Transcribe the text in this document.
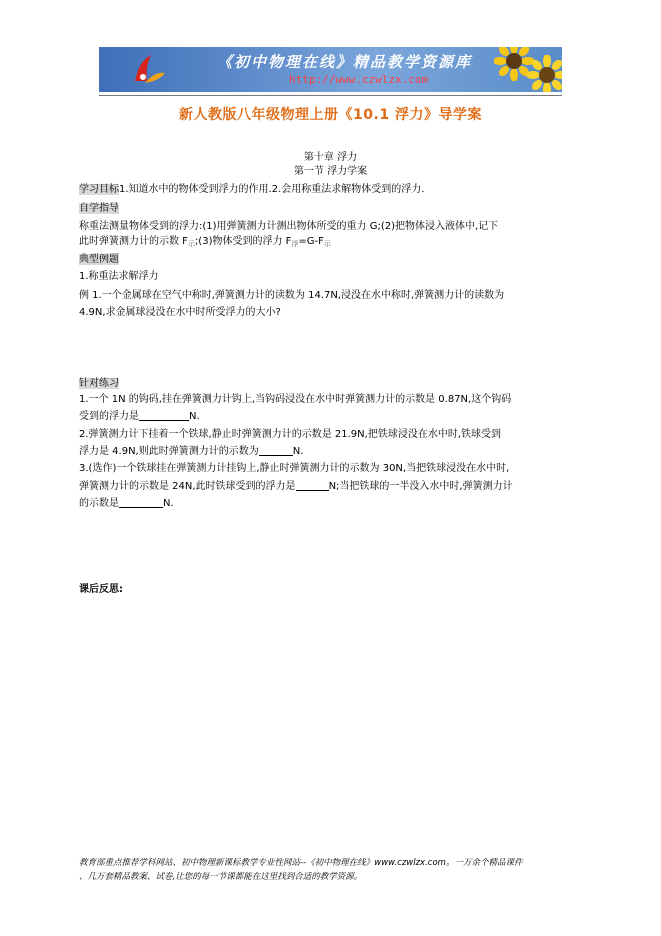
《初中物理在线》精品教学资源库
http://www.czwlzx.com
新人教版八年级物理上册《10.1 浮力》导学案
第十章 浮力
第一节 浮力学案
学习目标1.知道水中的物体受到浮力的作用.2.会用称重法求解物体受到的浮力.
自学指导
称重法测量物体受到的浮力:(1)用弹簧测力计测出物体所受的重力 G;(2)把物体浸入液体中,记下
此时弹簧测力计的示数 $F_示;(3)$物体受到的浮力 $F_浮=G-F_示$
典型例题
1.称重法求解浮力
例 1.一个金属球在空气中称时,弹簧测力计的读数为 14.7N,浸没在水中称时,弹簧测力计的读数为
4.9N,求金属球浸没在水中时所受浮力的大小?
针对练习
1.一个 1N 的钩码,挂在弹簧测力计钩上,当钩码浸没在水中时弹簧测力计的示数是 0.87N,这个钩码
受到的浮力是	N.
2.弹簧测力计下挂着一个铁球,静止时弹簧测力计的示数是 21.9N,把铁球浸没在水中时,铁球受到
浮力是 4.9N,则此时弹簧测力计的示数为	N.
3.(选作)一个铁球挂在弹簧测力计挂钩上,静止时弹簧测力计的示数为 30N,当把铁球浸没在水中时,
弹簧测力计的示数是 24N,此时铁球受到的浮力是	N;当把铁球的一半没入水中时,弹簧测力计
的示数是	N.
课后反思:
教育部重点推荐学科网站、初中物理新课标教学专业性网站--《初中物理在线》www.czwlzx.com。一万余个精品课件
、几万套精品教案、试卷,让您的每一节课都能在这里找到合适的教学资源。
